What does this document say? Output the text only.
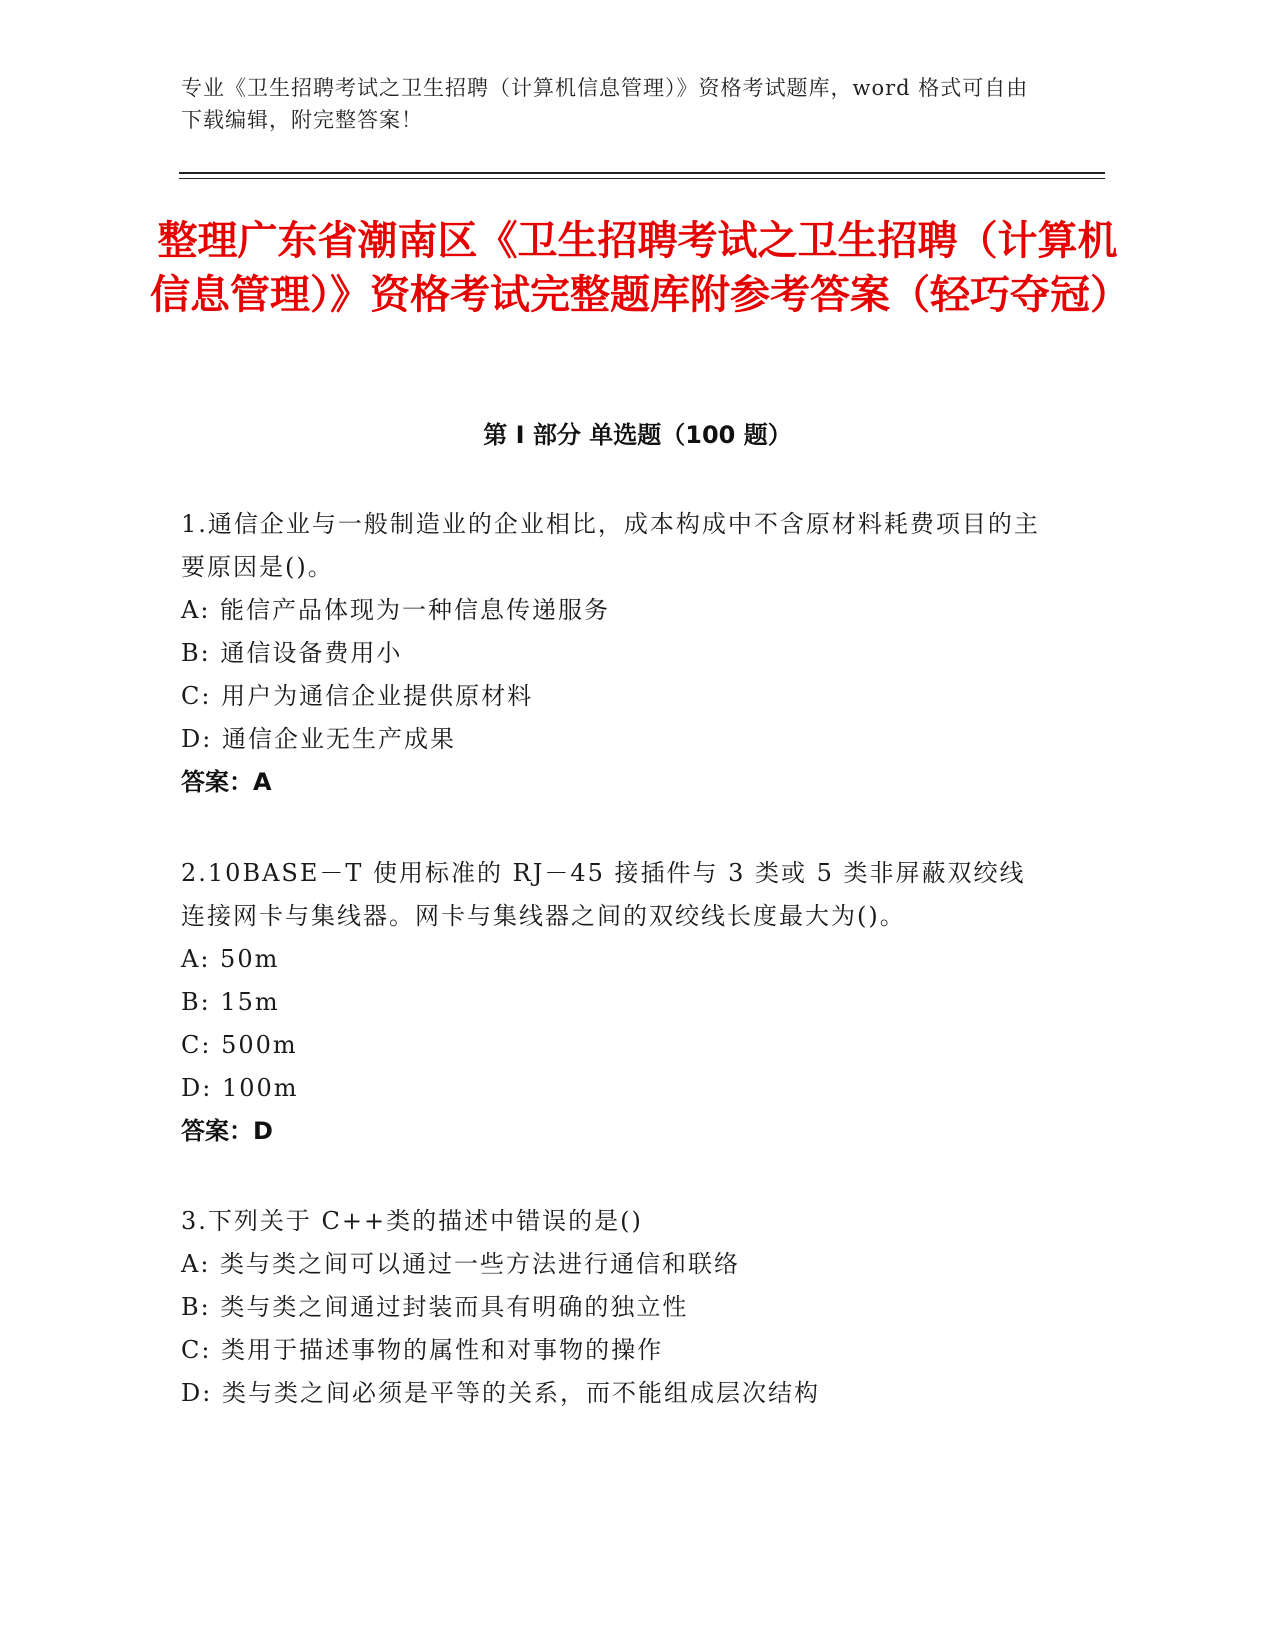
专业《卫生招聘考试之卫生招聘（计算机信息管理）》资格考试题库，word 格式可自由下载编辑，附完整答案！
整理广东省潮南区《卫生招聘考试之卫生招聘（计算机信息管理）》资格考试完整题库附参考答案（轻巧夺冠）
第 I 部分 单选题（100 题）
1.通信企业与一般制造业的企业相比，成本构成中不含原材料耗费项目的主要原因是()。
A: 能信产品体现为一种信息传递服务
B: 通信设备费用小
C: 用户为通信企业提供原材料
D: 通信企业无生产成果
答案：A
2.10BASE－T 使用标准的 RJ－45 接插件与 3 类或 5 类非屏蔽双绞线连接网卡与集线器。网卡与集线器之间的双绞线长度最大为()。
A: 50m
B: 15m
C: 500m
D: 100m
答案：D
3.下列关于 C++类的描述中错误的是()
A: 类与类之间可以通过一些方法进行通信和联络
B: 类与类之间通过封装而具有明确的独立性
C: 类用于描述事物的属性和对事物的操作
D: 类与类之间必须是平等的关系，而不能组成层次结构
